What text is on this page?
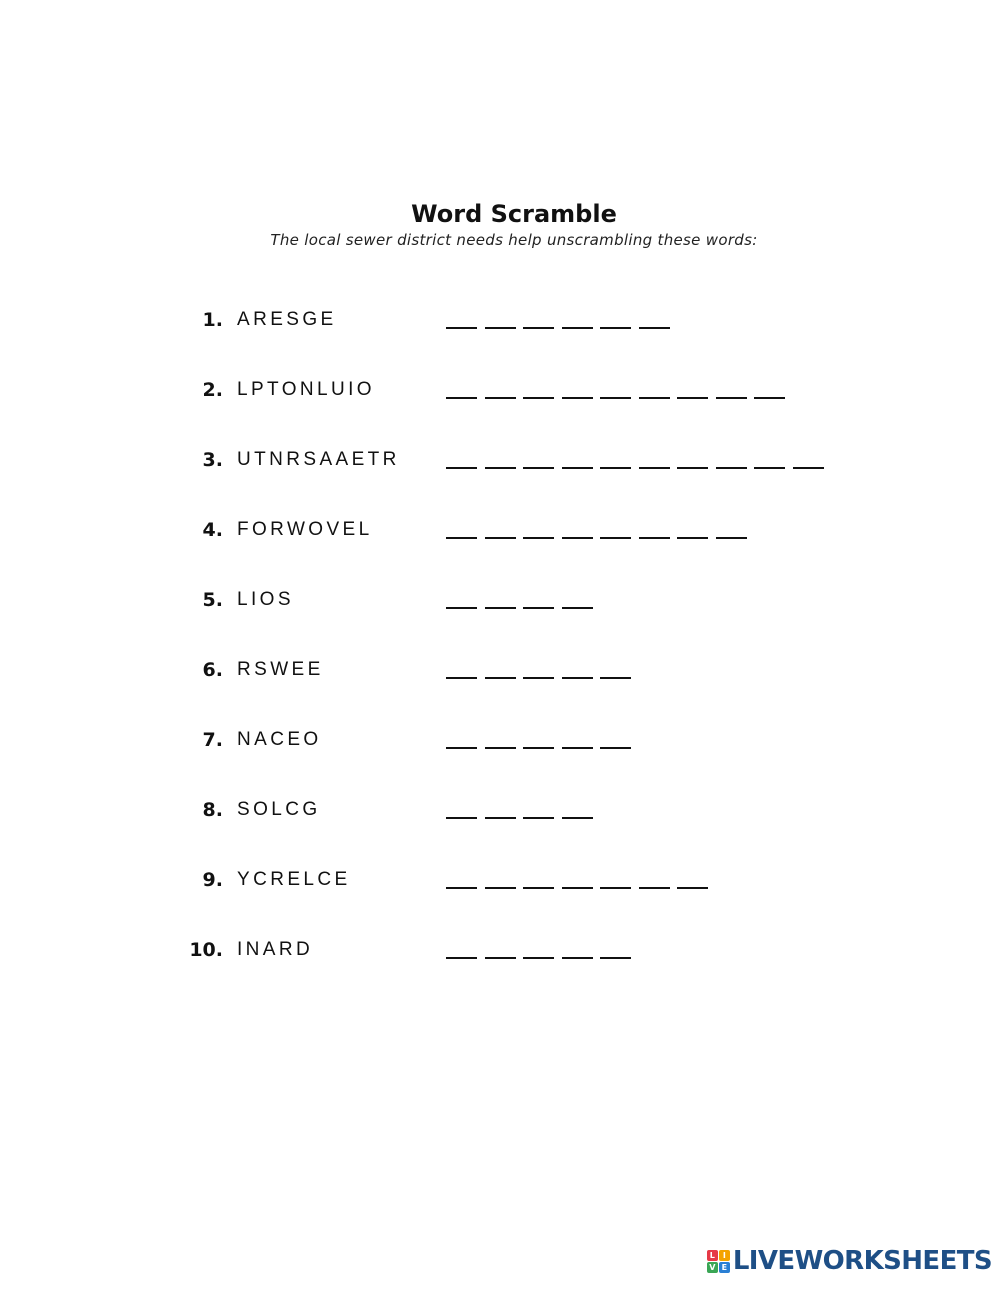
Word Scramble
The local sewer district needs help unscrambling these words:
1. ARESGE
2. LPTONLUIO
3. UTNRSAAETR
4. FORWOVEL
5. LIOS
6. RSWEE
7. NACEO
8. SOLCG
9. YCRELCE
10. INARD
L I
V E LIVEWORKSHEETS
